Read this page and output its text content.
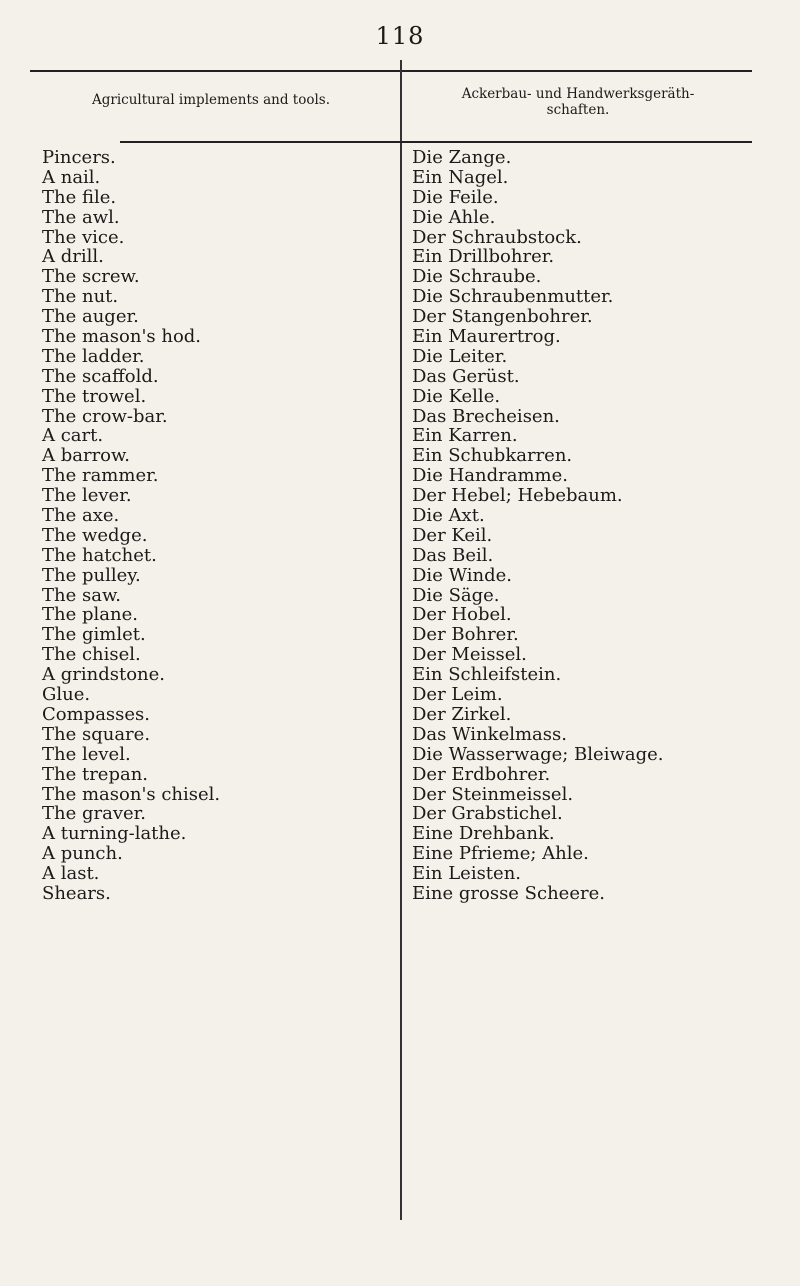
118
Agricultural implements and tools.	Ackerbau- und Handwerksgeräth-
schaften.
Pincers.
A nail.
The file.
The awl.
The vice.
A drill.
The screw.
The nut.
The auger.
The mason's hod.
The ladder.
The scaffold.
The trowel.
The crow-bar.
A cart.
A barrow.
The rammer.
The lever.
The axe.
The wedge.
The hatchet.
The pulley.
The saw.
The plane.
The gimlet.
The chisel.
A grindstone.
Glue.
Compasses.
The square.
The level.
The trepan.
The mason's chisel.
The graver.
A turning-lathe.
A punch.
A last.
Shears.
Die Zange.
Ein Nagel.
Die Feile.
Die Ahle.
Der Schraubstock.
Ein Drillbohrer.
Die Schraube.
Die Schraubenmutter.
Der Stangenbohrer.
Ein Maurertrog.
Die Leiter.
Das Gerüst.
Die Kelle.
Das Brecheisen.
Ein Karren.
Ein Schubkarren.
Die Handramme.
Der Hebel; Hebebaum.
Die Axt.
Der Keil.
Das Beil.
Die Winde.
Die Säge.
Der Hobel.
Der Bohrer.
Der Meissel.
Ein Schleifstein.
Der Leim.
Der Zirkel.
Das Winkelmass.
Die Wasserwage; Bleiwage.
Der Erdbohrer.
Der Steinmeissel.
Der Grabstichel.
Eine Drehbank.
Eine Pfrieme; Ahle.
Ein Leisten.
Eine grosse Scheere.
